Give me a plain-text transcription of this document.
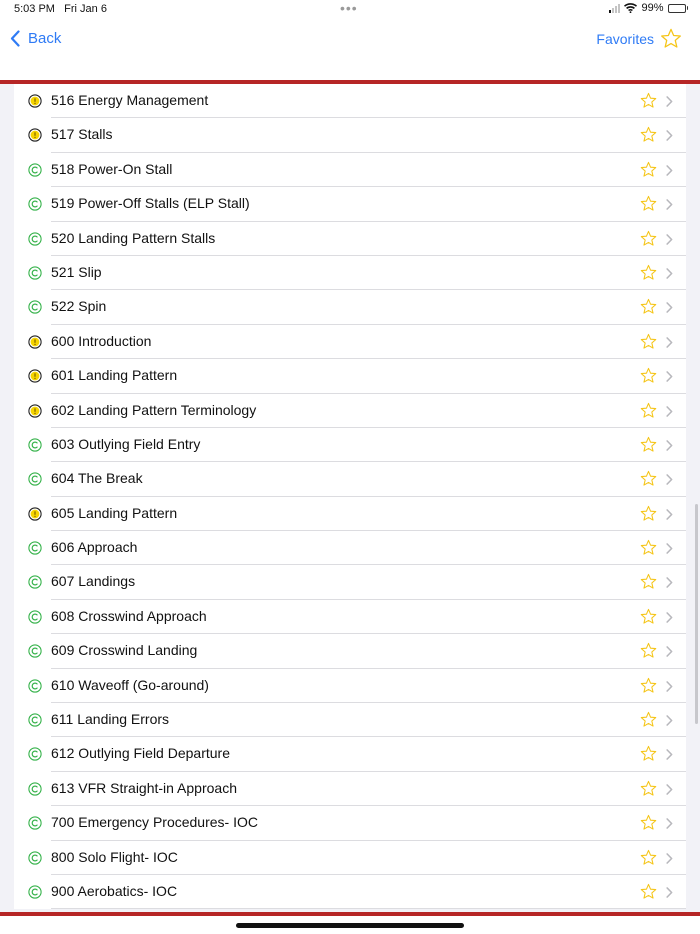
5:03 PM Fri Jan 6	•••	99%
Back	Favorites
516 Energy Management
517 Stalls
518 Power-On Stall
519 Power-Off Stalls (ELP Stall)
520 Landing Pattern Stalls
521 Slip
522 Spin
600 Introduction
601 Landing Pattern
602 Landing Pattern Terminology
603 Outlying Field Entry
604 The Break
605 Landing Pattern
606 Approach
607 Landings
608 Crosswind Approach
609 Crosswind Landing
610 Waveoff (Go-around)
611 Landing Errors
612 Outlying Field Departure
613 VFR Straight-in Approach
700 Emergency Procedures- IOC
800 Solo Flight- IOC
900 Aerobatics- IOC
